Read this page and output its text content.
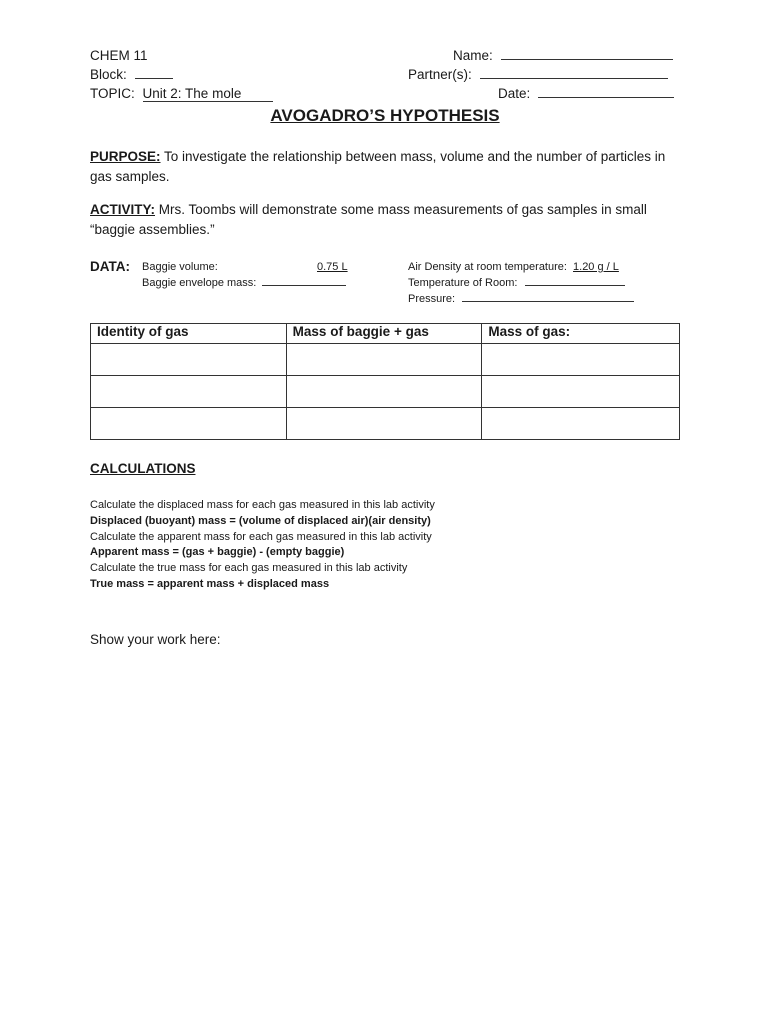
CHEM 11
Block:
TOPIC: Unit 2: The mole
Name:
Partner(s):
Date:
AVOGADRO’S HYPOTHESIS
PURPOSE: To investigate the relationship between mass, volume and the number of particles in gas samples.
ACTIVITY: Mrs. Toombs will demonstrate some mass measurements of gas samples in small “baggie assemblies.”
DATA: Baggie volume:	0.75 L
Baggie envelope mass:
Air Density at room temperature: 1.20 g / L
Temperature of Room:
Pressure:
Identity of gas	Mass of baggie + gas	Mass of gas:

CALCULATIONS
Calculate the displaced mass for each gas measured in this lab activity
Displaced (buoyant) mass = (volume of displaced air)(air density)
Calculate the apparent mass for each gas measured in this lab activity
Apparent mass = (gas + baggie) - (empty baggie)
Calculate the true mass for each gas measured in this lab activity
True mass = apparent mass + displaced mass
Show your work here:
